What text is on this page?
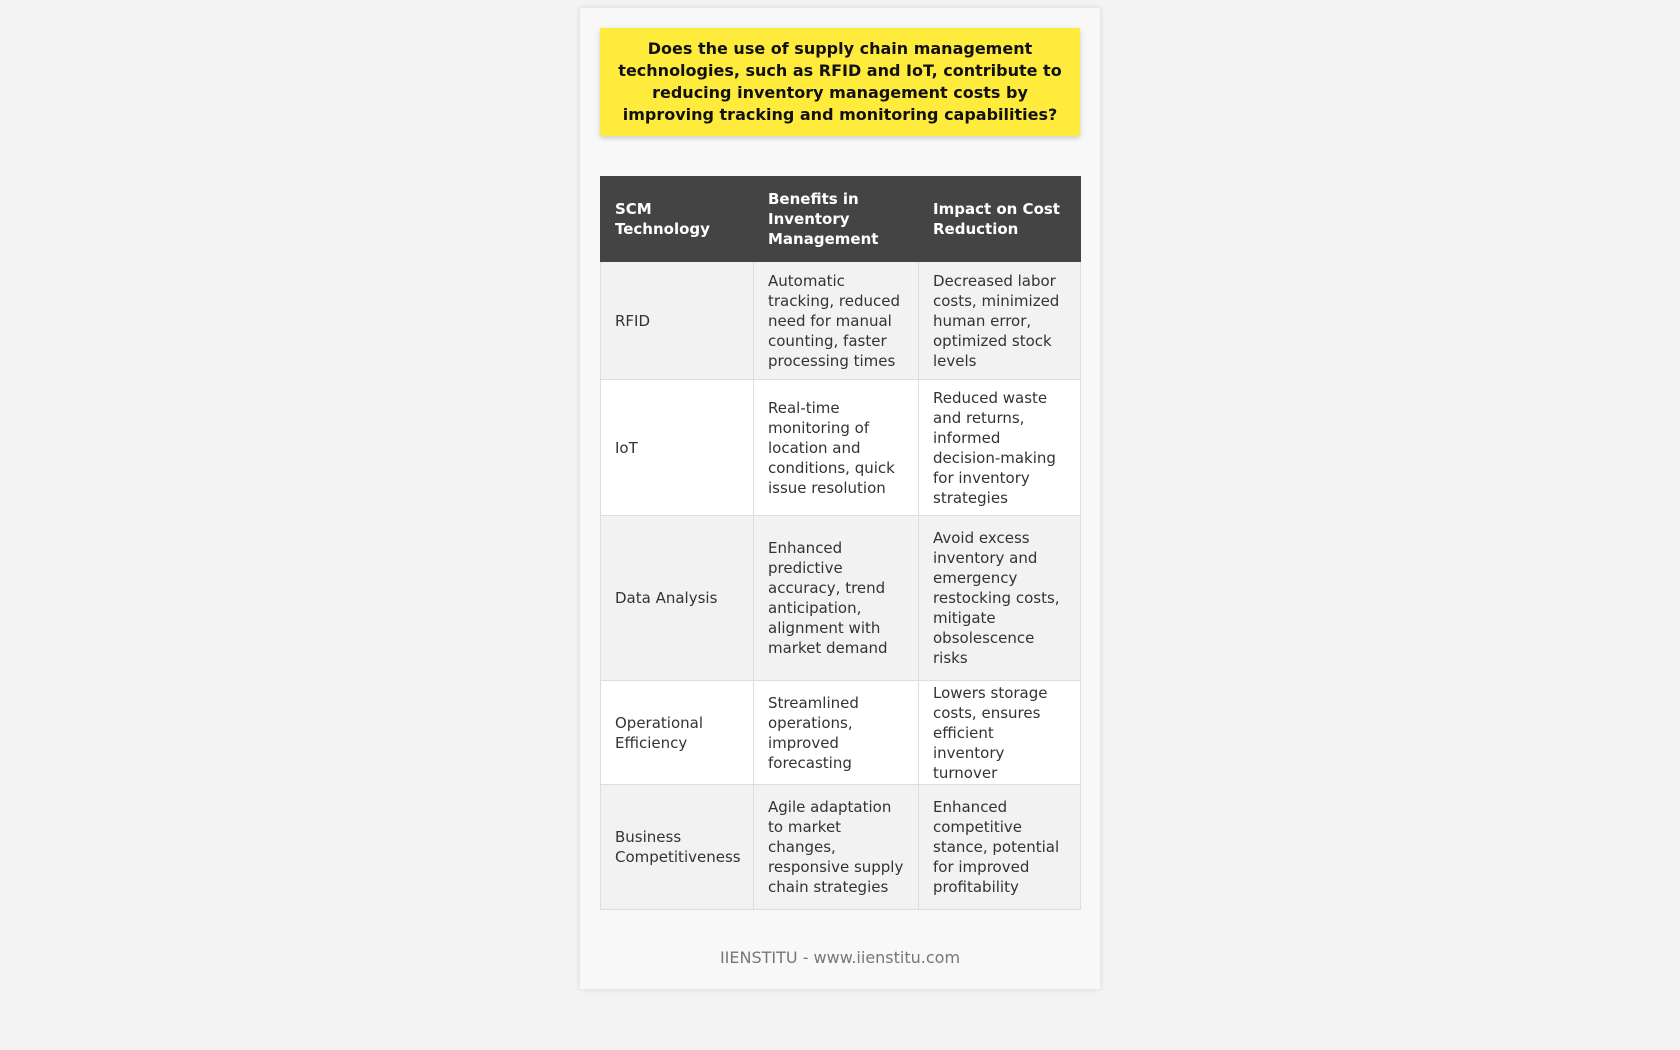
Does the use of supply chain management technologies, such as RFID and IoT, contribute to reducing inventory management costs by improving tracking and monitoring capabilities?

SCM Technology	Benefits in Inventory Management	Impact on Cost Reduction
RFID	Automatic tracking, reduced need for manual counting, faster processing times	Decreased labor costs, minimized human error, optimized stock levels
IoT	Real-time monitoring of location and conditions, quick issue resolution	Reduced waste and returns, informed decision-making for inventory strategies
Data Analysis	Enhanced predictive accuracy, trend anticipation, alignment with market demand	Avoid excess inventory and emergency restocking costs, mitigate obsolescence risks
Operational Efficiency	Streamlined operations, improved forecasting	Lowers storage costs, ensures efficient inventory turnover
Business Competitiveness	Agile adaptation to market changes, responsive supply chain strategies	Enhanced competitive stance, potential for improved profitability
IIENSTITU - www.iienstitu.com
